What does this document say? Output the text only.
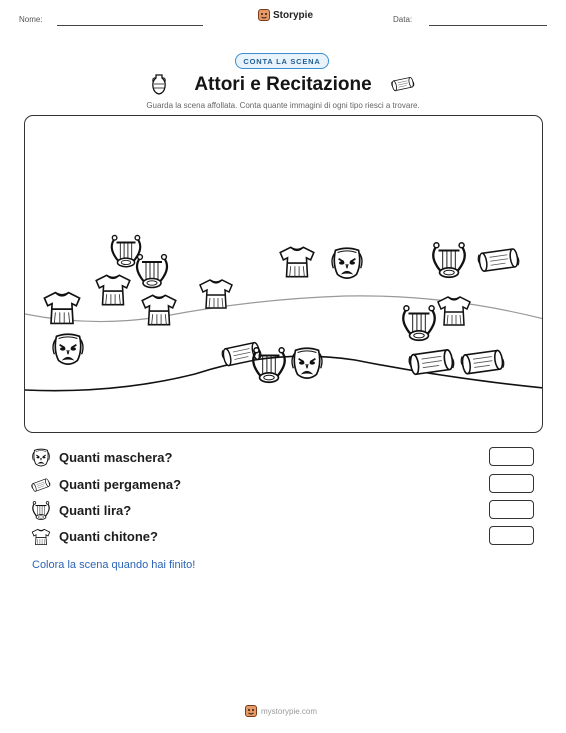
Nome:	Storypie	Data:
CONTA LA SCENA
Attori e Recitazione
Guarda la scena affollata. Conta quante immagini di ogni tipo riesci a trovare.
Quanti maschera?
Quanti pergamena?
Quanti lira?
Quanti chitone?
Colora la scena quando hai finito!
mystorypie.com
